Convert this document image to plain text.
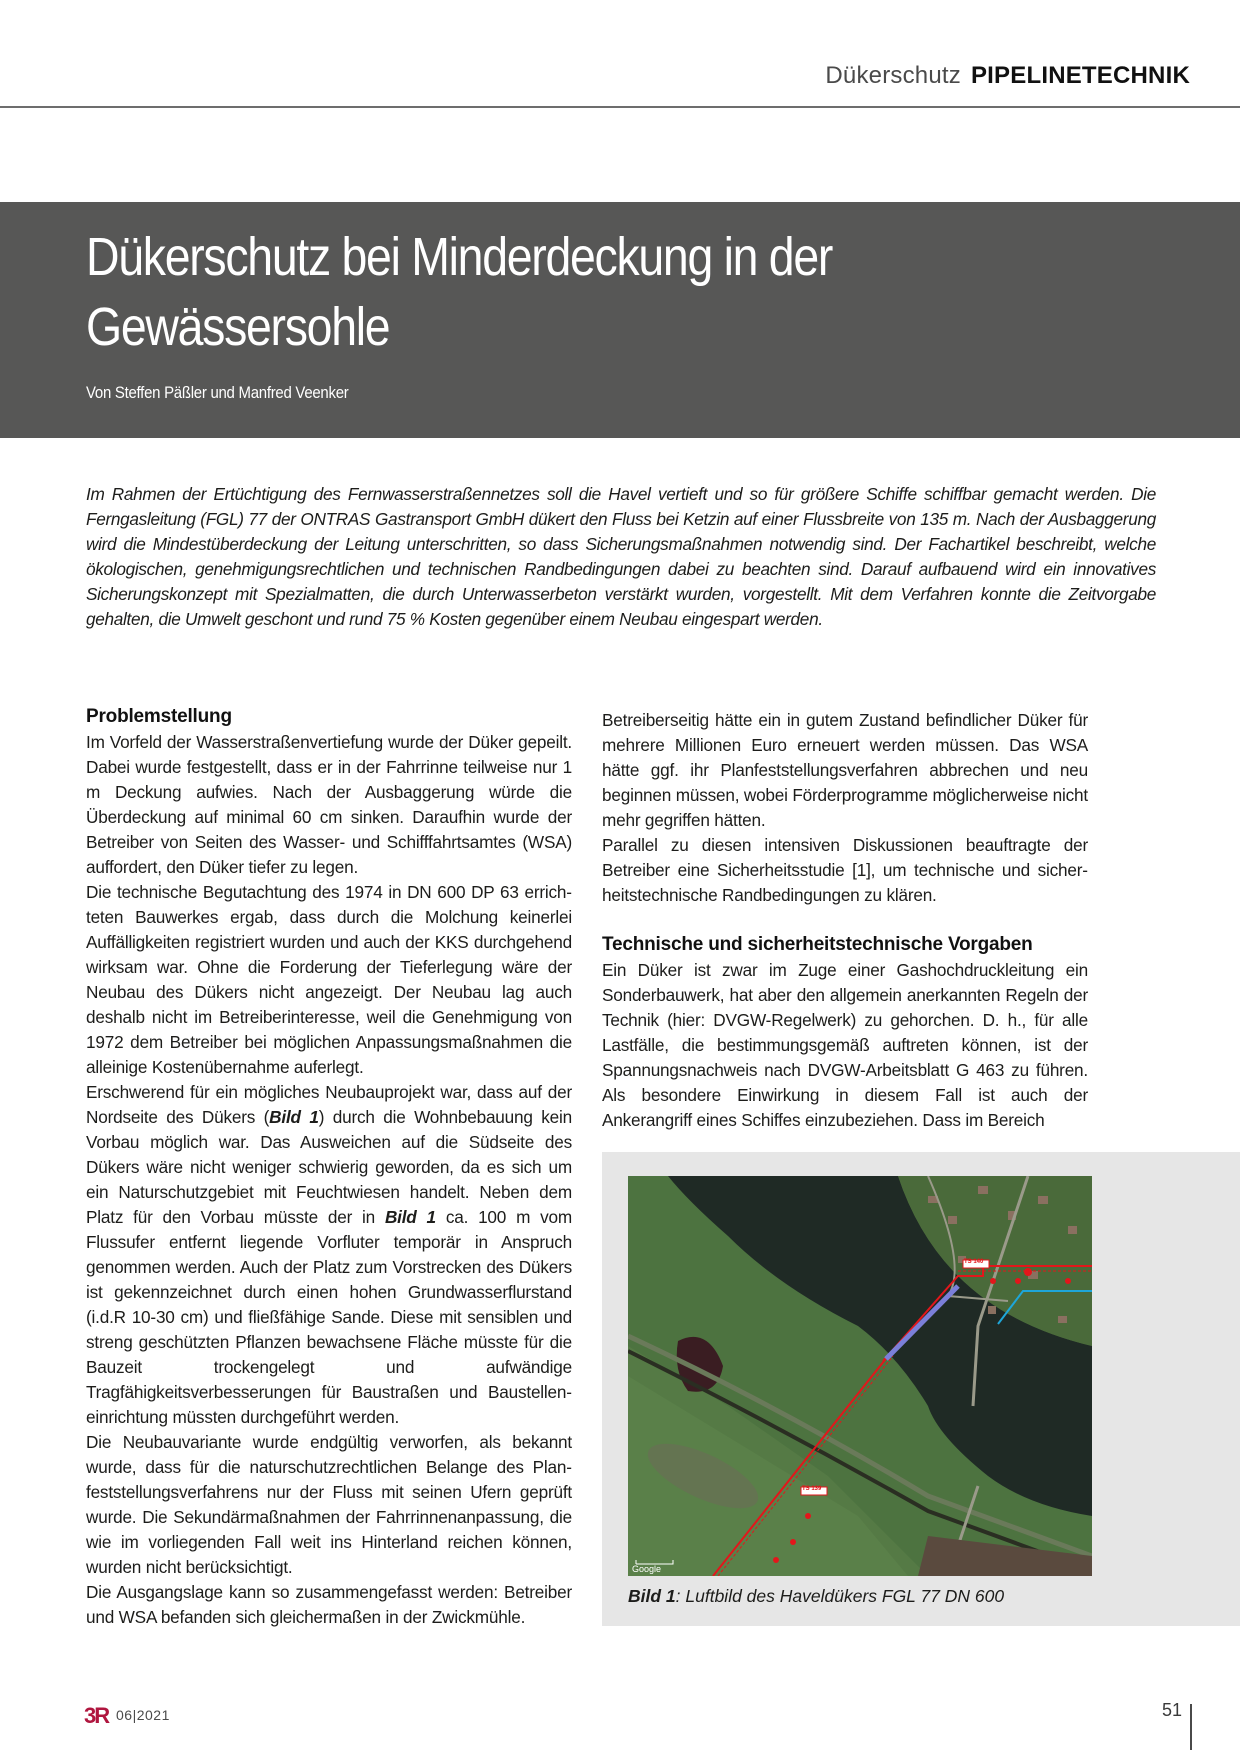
Dükerschutz PIPELINETECHNIK
Dükerschutz bei Minderdeckung in der
Gewässersohle
Von Steffen Päßler und Manfred Veenker
Im Rahmen der Ertüchtigung des Fernwasserstraßennetzes soll die Havel vertieft und so für größere Schiffe schiffbar gemacht werden. Die Ferngasleitung (FGL) 77 der ONTRAS Gastransport GmbH dükert den Fluss bei Ketzin auf einer Flussbreite von 135 m. Nach der Ausbaggerung wird die Mindestüberdeckung der Leitung unterschritten, so dass Sicherungsmaßnahmen notwendig sind. Der Fachartikel beschreibt, welche ökologischen, genehmigungsrechtlichen und technischen Randbedingungen dabei zu beachten sind. Darauf aufbauend wird ein innovatives Sicherungskonzept mit Spezialmatten, die durch Unterwasserbeton verstärkt wurden, vorgestellt. Mit dem Verfahren konnte die Zeitvorgabe gehalten, die Umwelt geschont und rund 75 % Kosten gegenüber einem Neubau eingespart werden.
Problemstellung

Im Vorfeld der Wasserstraßenvertiefung wurde der Düker gepeilt. Dabei wurde festgestellt, dass er in der Fahrrinne teilweise nur 1 m Deckung aufwies. Nach der Ausbaggerung würde die Überdeckung auf minimal 60 cm sinken. Daraufhin wurde der Betreiber von Seiten des Wasser- und Schifffahrtsamtes (WSA) auffordert, den Düker tiefer zu legen.

Die technische Begutachtung des 1974 in DN 600 DP 63 errichteten Bauwerkes ergab, dass durch die Molchung keinerlei Auffälligkeiten registriert wurden und auch der KKS durchgehend wirksam war. Ohne die Forderung der Tieferlegung wäre der Neubau des Dükers nicht angezeigt. Der Neubau lag auch deshalb nicht im Betreiberinteresse, weil die Genehmigung von 1972 dem Betreiber bei möglichen Anpassungsmaßnahmen die alleinige Kostenübernahme auferlegt.

Erschwerend für ein mögliches Neubauprojekt war, dass auf der Nordseite des Dükers (Bild 1) durch die Wohnbebauung kein Vorbau möglich war. Das Ausweichen auf die Südseite des Dükers wäre nicht weniger schwierig geworden, da es sich um ein Naturschutzgebiet mit Feuchtwiesen handelt. Neben dem Platz für den Vorbau müsste der in Bild 1 ca. 100 m vom Flussufer entfernt liegende Vorfluter temporär in Anspruch genommen werden. Auch der Platz zum Vorstrecken des Dükers ist gekennzeichnet durch einen hohen Grundwasserflurstand (i.d.R 10-30 cm) und fließfähige Sande. Diese mit sensiblen und streng geschützten Pflanzen bewachsene Fläche müsste für die Bauzeit trockengelegt und aufwändige Tragfähigkeitsverbesserungen für Baustraßen und Baustelleneinrichtung müssten durchgeführt werden.

Die Neubauvariante wurde endgültig verworfen, als bekannt wurde, dass für die naturschutzrechtlichen Belange des Planfeststellungsverfahrens nur der Fluss mit seinen Ufern geprüft wurde. Die Sekundärmaßnahmen der Fahrrinnenanpassung, die wie im vorliegenden Fall weit ins Hinterland reichen können, wurden nicht berücksichtigt.

Die Ausgangslage kann so zusammengefasst werden: Betreiber und WSA befanden sich gleichermaßen in der Zwickmühle.

Betreiberseitig hätte ein in gutem Zustand befindlicher Düker für mehrere Millionen Euro erneuert werden müssen. Das WSA hätte ggf. ihr Planfeststellungsverfahren abbrechen und neu beginnen müssen, wobei Förderprogramme möglicherweise nicht mehr gegriffen hätten.

Parallel zu diesen intensiven Diskussionen beauftragte der Betreiber eine Sicherheitsstudie [1], um technische und sicherheitstechnische Randbedingungen zu klären.

Technische und sicherheitstechnische Vorgaben

Ein Düker ist zwar im Zuge einer Gashochdruckleitung ein Sonderbauwerk, hat aber den allgemein anerkannten Regeln der Technik (hier: DVGW-Regelwerk) zu gehorchen. D. h., für alle Lastfälle, die bestimmungsgemäß auftreten können, ist der Spannungsnachweis nach DVGW-Arbeitsblatt G 463 zu führen. Als besondere Einwirkung in diesem Fall ist auch der Ankerangriff eines Schiffes einzubeziehen. Dass im Bereich

TS 140
TS 139
Google
Bild 1: Luftbild des Haveldükers FGL 77 DN 600
3R 06|2021	51
